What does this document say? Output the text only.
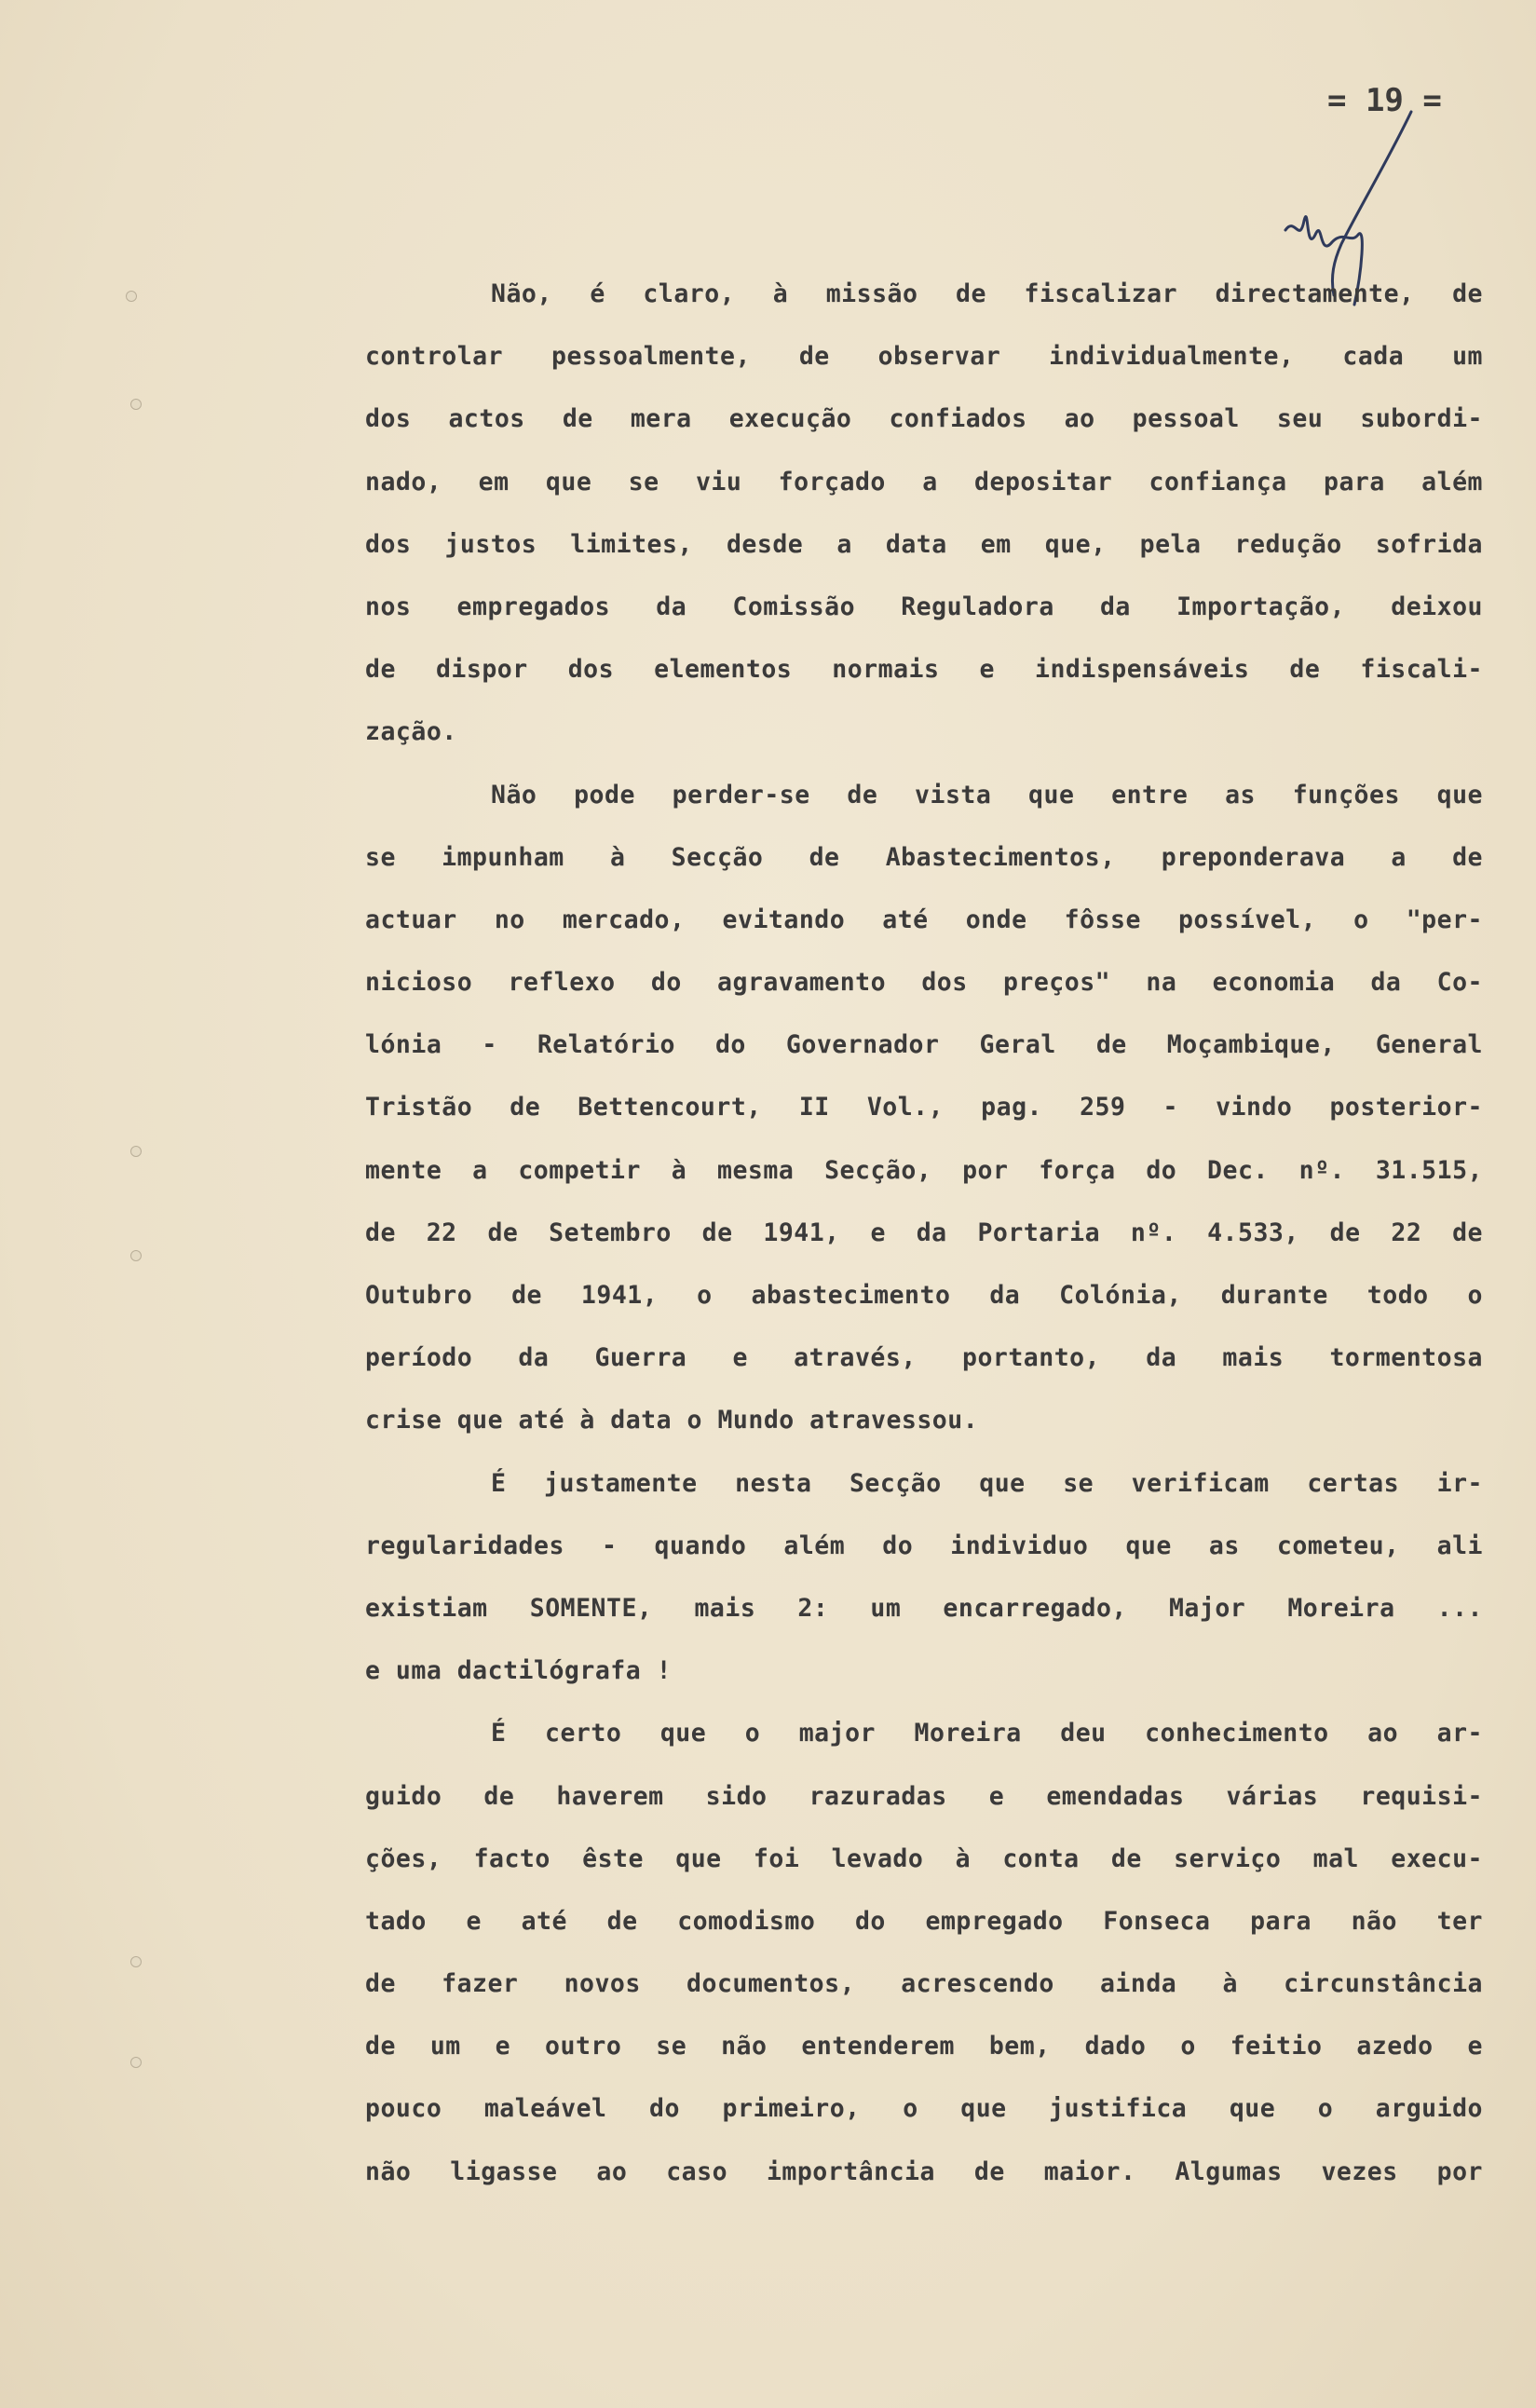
= 19 =
Não, é claro, à missão de fiscalizar directamente, de
controlar pessoalmente, de observar individualmente, cada um
dos actos de mera execução confiados ao pessoal seu subordi-
nado, em que se viu forçado a depositar confiança para além
dos justos limites, desde a data em que, pela redução sofrida
nos empregados da Comissão Reguladora da Importação, deixou
de dispor dos elementos normais e indispensáveis de fiscali-
zação.
Não pode perder-se de vista que entre as funções que
se impunham à Secção de Abastecimentos, preponderava a de
actuar no mercado, evitando até onde fôsse possível, o "per-
nicioso reflexo do agravamento dos preços" na economia da Co-
lónia - Relatório do Governador Geral de Moçambique, General
Tristão de Bettencourt, II Vol., pag. 259 - vindo posterior-
mente a competir à mesma Secção, por força do Dec. nº. 31.515,
de 22 de Setembro de 1941, e da Portaria nº. 4.533, de 22 de
Outubro de 1941, o abastecimento da Colónia, durante todo o
período da Guerra e através, portanto, da mais tormentosa
crise que até à data o Mundo atravessou.
É justamente nesta Secção que se verificam certas ir-
regularidades - quando além do individuo que as cometeu, ali
existiam SOMENTE, mais 2: um encarregado, Major Moreira ...
e uma dactilógrafa !
É certo que o major Moreira deu conhecimento ao ar-
guido de haverem sido razuradas e emendadas várias requisi-
ções, facto êste que foi levado à conta de serviço mal execu-
tado e até de comodismo do empregado Fonseca para não ter
de fazer novos documentos, acrescendo ainda à circunstância
de um e outro se não entenderem bem, dado o feitio azedo e
pouco maleável do primeiro, o que justifica que o arguido
não ligasse ao caso importância de maior. Algumas vezes por
